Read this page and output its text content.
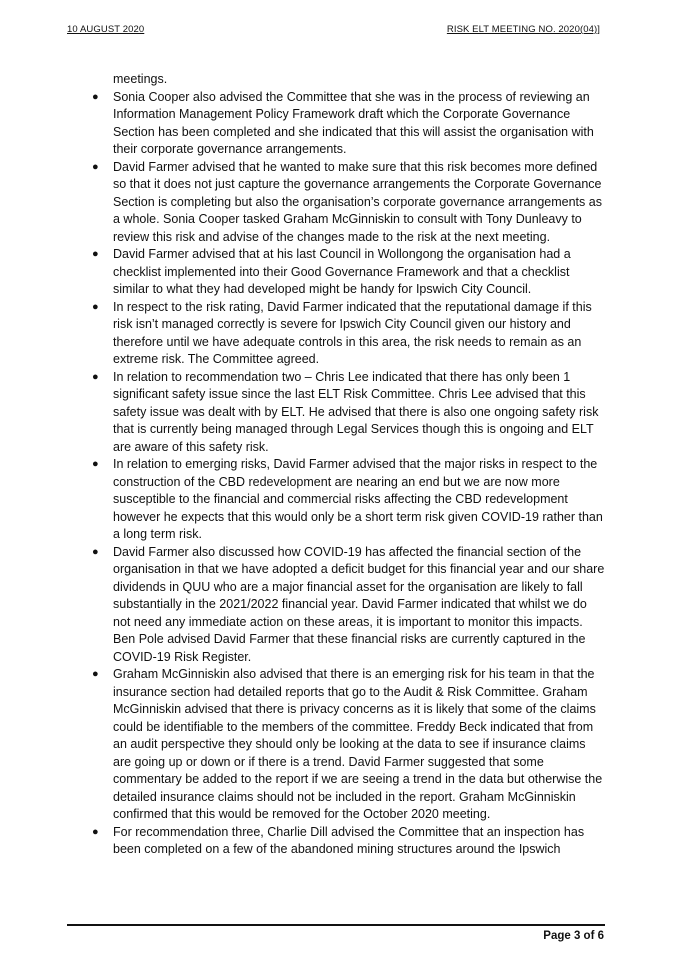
10 AUGUST 2020	RISK ELT MEETING NO. 2020(04)]

meetings.

● Sonia Cooper also advised the Committee that she was in the process of reviewing an Information Management Policy Framework draft which the Corporate Governance Section has been completed and she indicated that this will assist the organisation with their corporate governance arrangements.
● David Farmer advised that he wanted to make sure that this risk becomes more defined so that it does not just capture the governance arrangements the Corporate Governance Section is completing but also the organisation’s corporate governance arrangements as a whole. Sonia Cooper tasked Graham McGinniskin to consult with Tony Dunleavy to review this risk and advise of the changes made to the risk at the next meeting.
● David Farmer advised that at his last Council in Wollongong the organisation had a checklist implemented into their Good Governance Framework and that a checklist similar to what they had developed might be handy for Ipswich City Council.
● In respect to the risk rating, David Farmer indicated that the reputational damage if this risk isn’t managed correctly is severe for Ipswich City Council given our history and therefore until we have adequate controls in this area, the risk needs to remain as an extreme risk. The Committee agreed.
● In relation to recommendation two – Chris Lee indicated that there has only been 1 significant safety issue since the last ELT Risk Committee. Chris Lee advised that this safety issue was dealt with by ELT. He advised that there is also one ongoing safety risk that is currently being managed through Legal Services though this is ongoing and ELT are aware of this safety risk.
● In relation to emerging risks, David Farmer advised that the major risks in respect to the construction of the CBD redevelopment are nearing an end but we are now more susceptible to the financial and commercial risks affecting the CBD redevelopment however he expects that this would only be a short term risk given COVID-19 rather than a long term risk.
● David Farmer also discussed how COVID-19 has affected the financial section of the organisation in that we have adopted a deficit budget for this financial year and our share dividends in QUU who are a major financial asset for the organisation are likely to fall substantially in the 2021/2022 financial year. David Farmer indicated that whilst we do not need any immediate action on these areas, it is important to monitor this impacts. Ben Pole advised David Farmer that these financial risks are currently captured in the COVID-19 Risk Register.
● Graham McGinniskin also advised that there is an emerging risk for his team in that the insurance section had detailed reports that go to the Audit & Risk Committee. Graham McGinniskin advised that there is privacy concerns as it is likely that some of the claims could be identifiable to the members of the committee. Freddy Beck indicated that from an audit perspective they should only be looking at the data to see if insurance claims are going up or down or if there is a trend. David Farmer suggested that some commentary be added to the report if we are seeing a trend in the data but otherwise the detailed insurance claims should not be included in the report. Graham McGinniskin confirmed that this would be removed for the October 2020 meeting.
● For recommendation three, Charlie Dill advised the Committee that an inspection has been completed on a few of the abandoned mining structures around the Ipswich
Page 3 of 6
